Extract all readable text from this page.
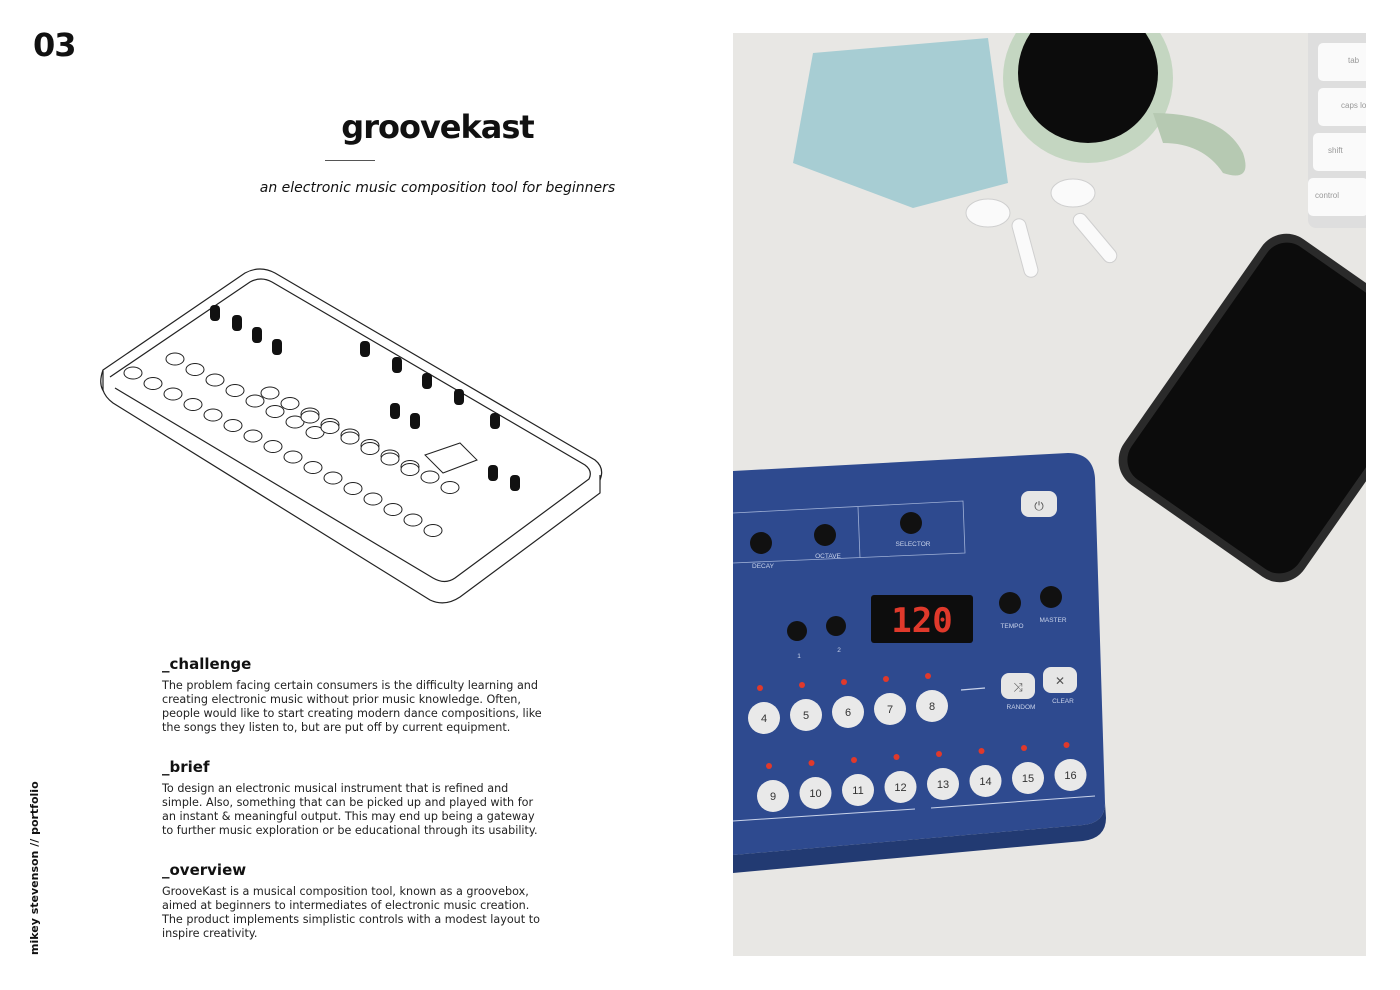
03
groovekast
an electronic music composition tool for beginners
_challenge

The problem facing certain consumers is the difficulty learning and creating electronic music without prior music knowledge. Often, people would like to start creating modern dance compositions, like the songs they listen to, but are put off by current equipment.

_brief

To design an electronic musical instrument that is refined and simple. Also, something that can be picked up and played with for an instant & meaningful output. This may end up being a gateway to further music exploration or be educational through its usability.

_overview

GrooveKast is a musical composition tool, known as a groovebox, aimed at beginners to intermediates of electronic music creation. The product implements simplistic controls with a modest layout to inspire creativity.

mikey stevenson // portfolio
tab
caps lo
shift
control
⏻
DECAY
OCTAVE
SELECTOR
1
2
TEMPO
MASTER
RANDOM
CLEAR
120
⤨	✕
4	5	6	7	8
9	10	11	12	13	14	15	16
